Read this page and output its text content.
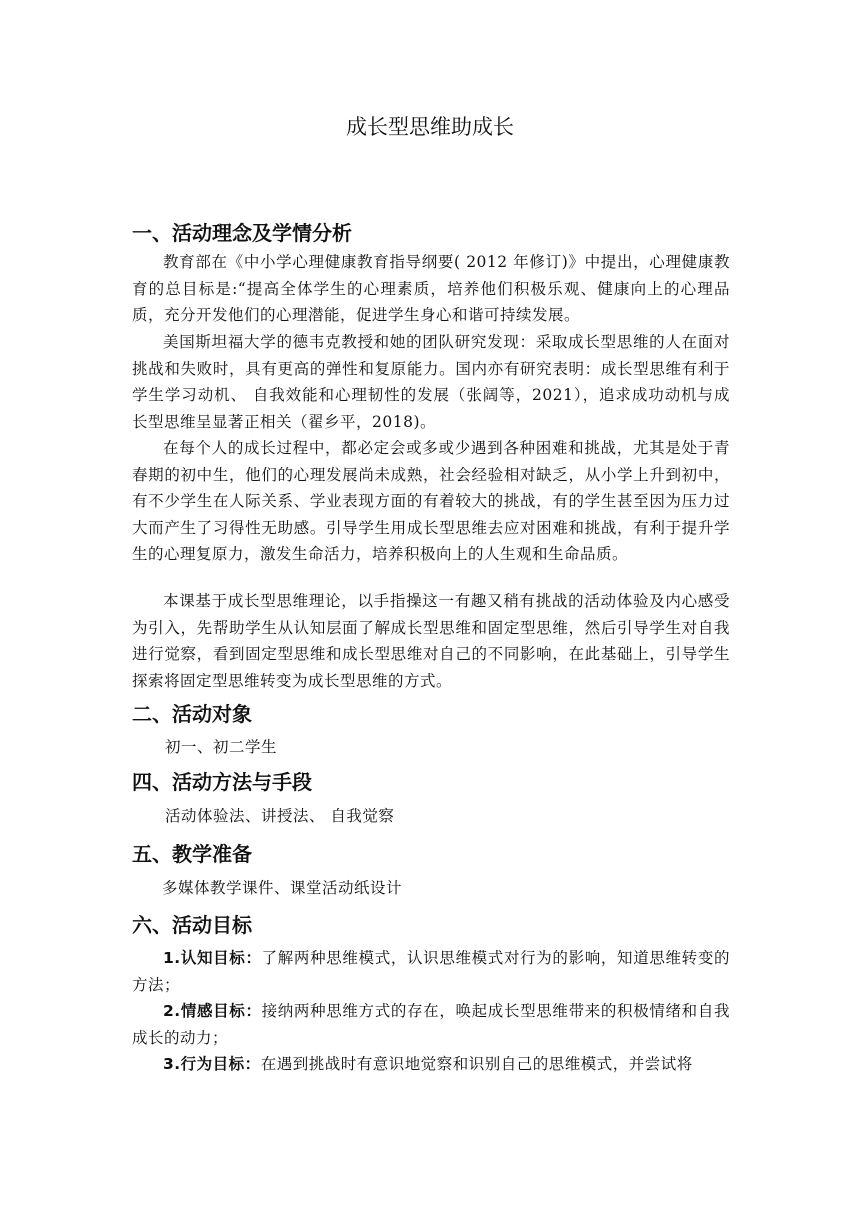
成长型思维助成长
一、活动理念及学情分析

教育部在《中小学心理健康教育指导纲要( 2012 年修订)》中提出，心理健康教育的总目标是:“提高全体学生的心理素质，培养他们积极乐观、健康向上的心理品质，充分开发他们的心理潜能，促进学生身心和谐可持续发展。

美国斯坦福大学的德韦克教授和她的团队研究发现：采取成长型思维的人在面对挑战和失败时，具有更高的弹性和复原能力。国内亦有研究表明：成长型思维有利于学生学习动机、 自我效能和心理韧性的发展（张阔等，2021），追求成功动机与成长型思维呈显著正相关（翟乡平，2018)。

在每个人的成长过程中，都必定会或多或少遇到各种困难和挑战，尤其是处于青春期的初中生，他们的心理发展尚未成熟，社会经验相对缺乏，从小学上升到初中，有不少学生在人际关系、学业表现方面的有着较大的挑战，有的学生甚至因为压力过大而产生了习得性无助感。引导学生用成长型思维去应对困难和挑战，有利于提升学生的心理复原力，激发生命活力，培养积极向上的人生观和生命品质。

本课基于成长型思维理论，以手指操这一有趣又稍有挑战的活动体验及内心感受为引入，先帮助学生从认知层面了解成长型思维和固定型思维，然后引导学生对自我进行觉察，看到固定型思维和成长型思维对自己的不同影响，在此基础上，引导学生探索将固定型思维转变为成长型思维的方式。

二、活动对象
初一、初二学生
四、活动方法与手段
活动体验法、讲授法、 自我觉察
五、教学准备
多媒体教学课件、课堂活动纸设计
六、活动目标

1.认知目标：了解两种思维模式，认识思维模式对行为的影响，知道思维转变的方法；

2.情感目标：接纳两种思维方式的存在，唤起成长型思维带来的积极情绪和自我成长的动力；

3.行为目标：在遇到挑战时有意识地觉察和识别自己的思维模式，并尝试将
